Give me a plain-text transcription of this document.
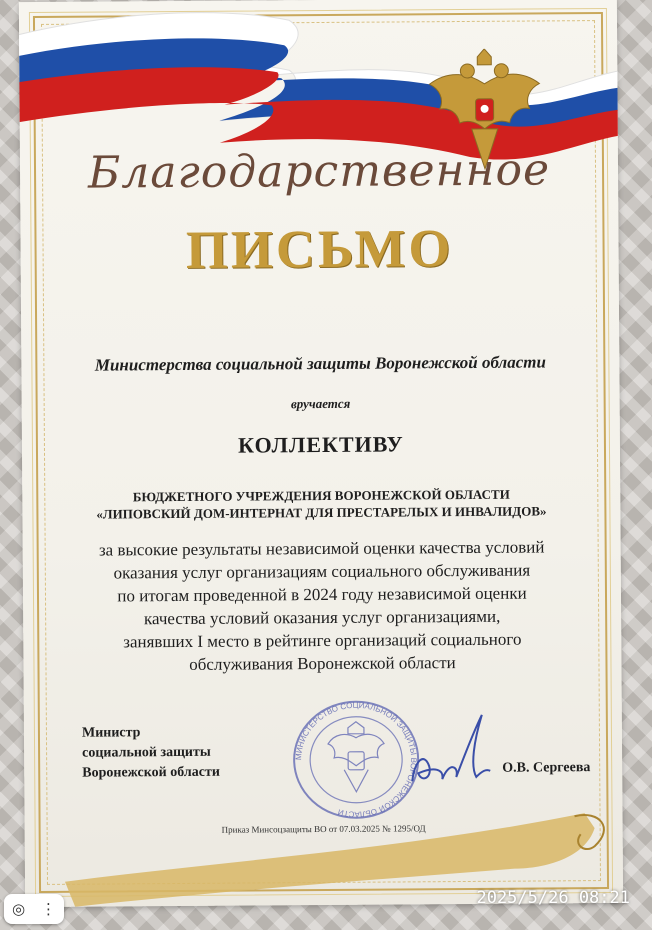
Благодарственное
ПИСЬМО
Министерства социальной защиты Воронежской области
вручается
КОЛЛЕКТИВУ
БЮДЖЕТНОГО УЧРЕЖДЕНИЯ ВОРОНЕЖСКОЙ ОБЛАСТИ
«ЛИПОВСКИЙ ДОМ-ИНТЕРНАТ ДЛЯ ПРЕСТАРЕЛЫХ И ИНВАЛИДОВ»
за высокие результаты независимой оценки качества условий
оказания услуг организациям социального обслуживания
по итогам проведенной в 2024 году независимой оценки
качества условий оказания услуг организациями,
занявших I место в рейтинге организаций социального
обслуживания Воронежской области
Министр
социальной защиты
Воронежской области
МИНИСТЕРСТВО СОЦИАЛЬНОЙ ЗАЩИТЫ ВОРОНЕЖСКОЙ ОБЛАСТИ
О.В. Сергеева
Приказ Минсоцзащиты ВО от 07.03.2025 № 1295/ОД
2025/5/26 08:21
◎ ⋮
